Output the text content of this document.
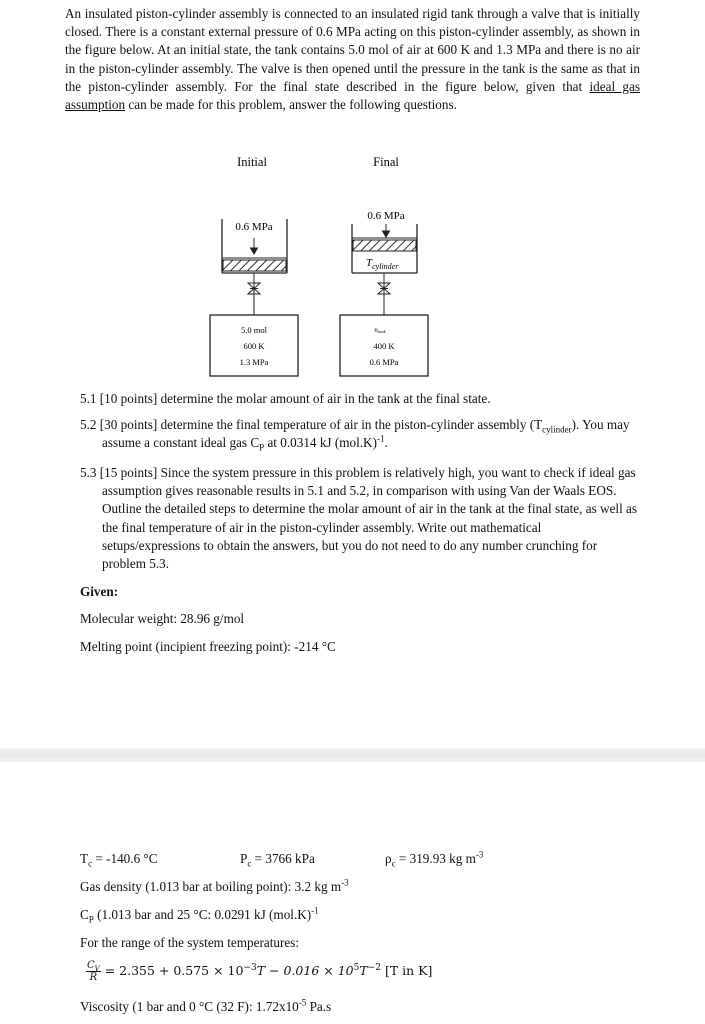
An insulated piston-cylinder assembly is connected to an insulated rigid tank through a valve that is initially closed. There is a constant external pressure of 0.6 MPa acting on this piston-cylinder assembly, as shown in the figure below. At an initial state, the tank contains 5.0 mol of air at 600 K and 1.3 MPa and there is no air in the piston-cylinder assembly. The valve is then opened until the pressure in the tank is the same as that in the piston-cylinder assembly. For the final state described in the figure below, given that ideal gas assumption can be made for this problem, answer the following questions.
Initial	Final
0.6 MPa
5.0 mol
600 K
1.3 MPa
0.6 MPa
$T_{cylinder}$
ntank
400 K
0.6 MPa
5.1 [10 points] determine the molar amount of air in the tank at the final state.
5.2 [30 points] determine the final temperature of air in the piston-cylinder assembly $(T_{cylinder})$. You may assume a constant ideal gas $C_P$ at 0.0314 kJ $(mol.K)^{-1}$.
5.3 [15 points] Since the system pressure in this problem is relatively high, you want to check if ideal gas assumption gives reasonable results in 5.1 and 5.2, in comparison with using Van der Waals EOS. Outline the detailed steps to determine the molar amount of air in the tank at the final state, as well as the final temperature of air in the piston-cylinder assembly. Write out mathematical setups/expressions to obtain the answers, but you do not need to do any number crunching for problem 5.3.
Given:
Molecular weight: 28.96 g/mol
Melting point (incipient freezing point): -214 °C
$T_c = -140.6$ °C	$P_c = 3766$ kPa	$\rho_c = 319.93$ kg $m^{-3}$
Gas density (1.013 bar at boiling point): 3.2 kg $m^{-3}$
$C_P$ (1.013 bar and 25 °C: 0.0291 kJ $(mol.K)^{-1}$
For the range of the system temperatures:
$\frac{C_V}{R} = 2.355 + 0.575 \times 10^{-3}T - 0.016 \times 10^5T^{-2}$ [T in K]
Viscosity (1 bar and 0 °C (32 F): $1.72x10^{-5}$ Pa.s
